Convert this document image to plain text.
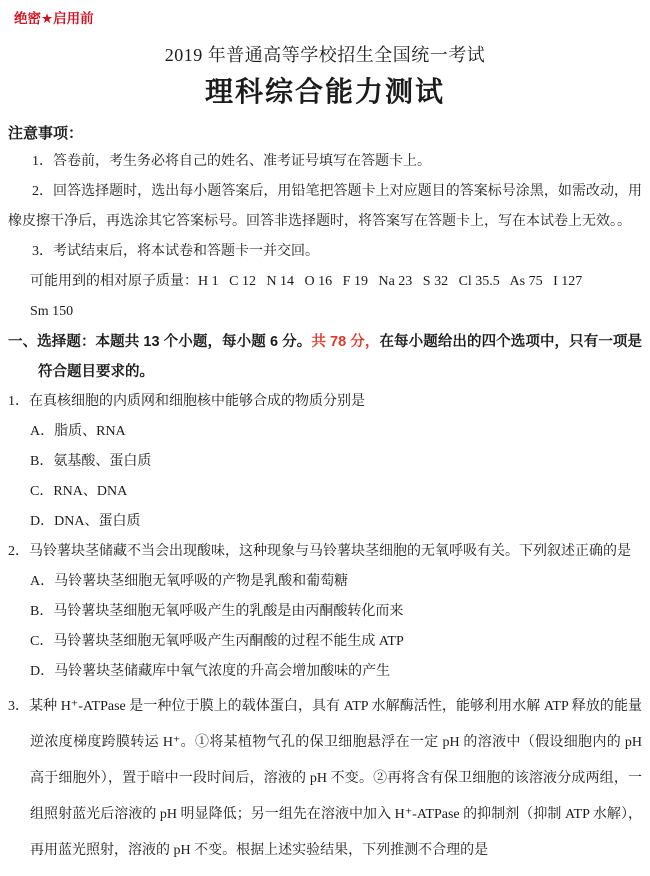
绝密★启用前
2019 年普通高等学校招生全国统一考试
理科综合能力测试
注意事项：

1．答卷前，考生务必将自己的姓名、准考证号填写在答题卡上。

2．回答选择题时，选出每小题答案后，用铅笔把答题卡上对应题目的答案标号涂黑，如需改动，用橡皮擦干净后，再选涂其它答案标号。回答非选择题时，将答案写在答题卡上，写在本试卷上无效。。

3．考试结束后，将本试卷和答题卡一并交回。

可能用到的相对原子质量：H 1   C 12   N 14   O 16   F 19   Na 23   S 32   Cl 35.5   As 75   I 127
Sm 150

一、选择题：本题共 13 个小题，每小题 6 分。共 78 分，在每小题给出的四个选项中，只有一项是符合题目要求的。

1．在真核细胞的内质网和细胞核中能够合成的物质分别是

A．脂质、RNA

B．氨基酸、蛋白质

C．RNA、DNA

D．DNA、蛋白质

2．马铃薯块茎储藏不当会出现酸味，这种现象与马铃薯块茎细胞的无氧呼吸有关。下列叙述正确的是

A．马铃薯块茎细胞无氧呼吸的产物是乳酸和葡萄糖

B．马铃薯块茎细胞无氧呼吸产生的乳酸是由丙酮酸转化而来

C．马铃薯块茎细胞无氧呼吸产生丙酮酸的过程不能生成 ATP

D．马铃薯块茎储藏库中氧气浓度的升高会增加酸味的产生

3．某种 H⁺-ATPase 是一种位于膜上的载体蛋白，具有 ATP 水解酶活性，能够利用水解 ATP 释放的能量逆浓度梯度跨膜转运 H⁺。①将某植物气孔的保卫细胞悬浮在一定 pH 的溶液中（假设细胞内的 pH 高于细胞外），置于暗中一段时间后，溶液的 pH 不变。②再将含有保卫细胞的该溶液分成两组，一组照射蓝光后溶液的 pH 明显降低；另一组先在溶液中加入 H⁺-ATPase 的抑制剂（抑制 ATP 水解），再用蓝光照射，溶液的 pH 不变。根据上述实验结果，下列推测不合理的是
